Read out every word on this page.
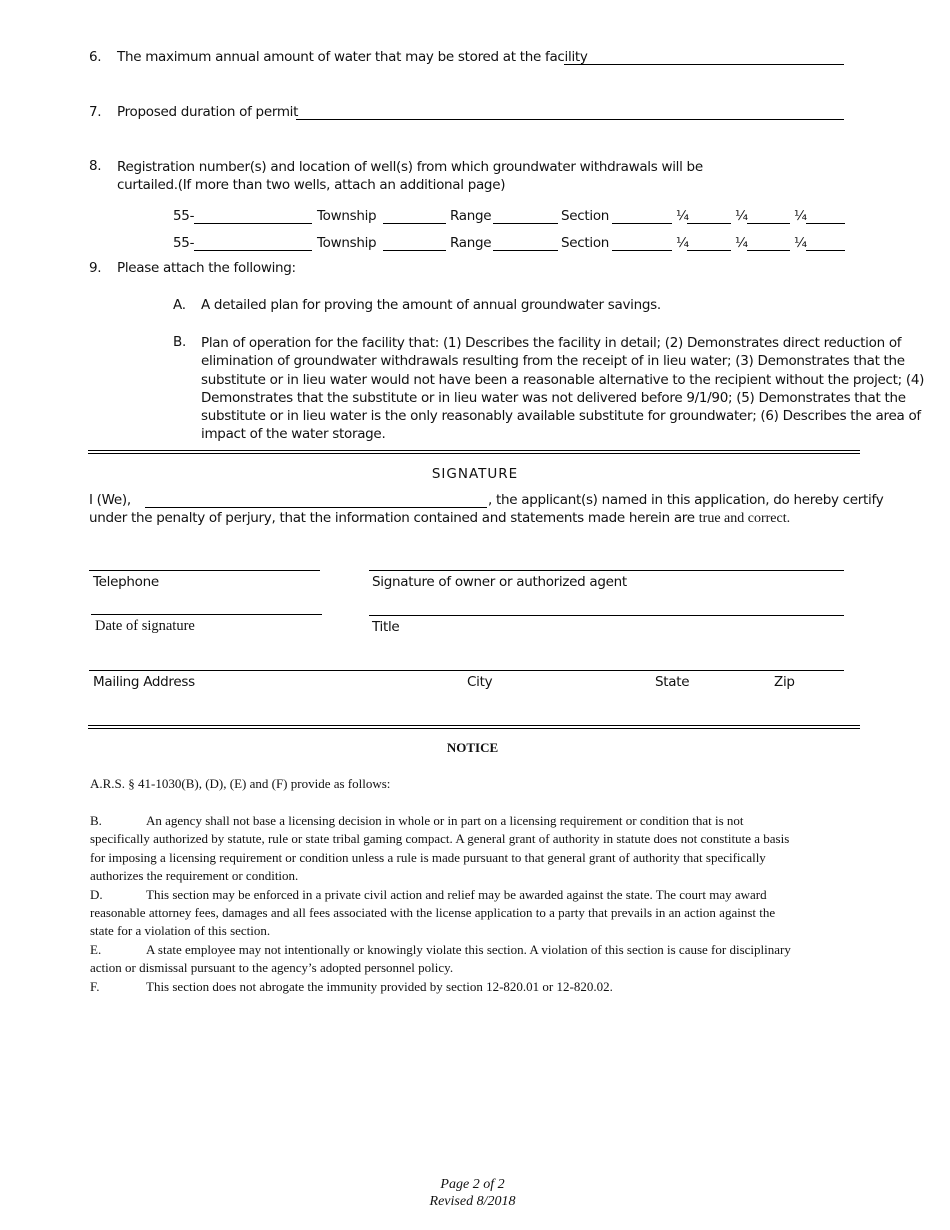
6. The maximum annual amount of water that may be stored at the facility
7. Proposed duration of permit
8. Registration number(s) and location of well(s) from which groundwater withdrawals will be
curtailed.(If more than two wells, attach an additional page)
55-	Township	Range	Section	¼	¼	¼
55-	Township	Range	Section	¼	¼	¼
9. Please attach the following:
A. A detailed plan for proving the amount of annual groundwater savings.
B. Plan of operation for the facility that: (1) Describes the facility in detail; (2) Demonstrates direct reduction of
elimination of groundwater withdrawals resulting from the receipt of in lieu water; (3) Demonstrates that the
substitute or in lieu water would not have been a reasonable alternative to the recipient without the project; (4)
Demonstrates that the substitute or in lieu water was not delivered before 9/1/90; (5) Demonstrates that the
substitute or in lieu water is the only reasonably available substitute for groundwater; (6) Describes the area of
impact of the water storage.
SIGNATURE
I (We),	, the applicant(s) named in this application, do hereby certify
under the penalty of perjury, that the information contained and statements made herein are true and correct.
Telephone	Signature of owner or authorized agent
Date of signature	Title
Mailing Address	City	State	Zip
NOTICE
A.R.S. § 41-1030(B), (D), (E) and (F) provide as follows:
B.	An agency shall not base a licensing decision in whole or in part on a licensing requirement or condition that is not
specifically authorized by statute, rule or state tribal gaming compact. A general grant of authority in statute does not constitute a basis
for imposing a licensing requirement or condition unless a rule is made pursuant to that general grant of authority that specifically
authorizes the requirement or condition.
D.	This section may be enforced in a private civil action and relief may be awarded against the state. The court may award
reasonable attorney fees, damages and all fees associated with the license application to a party that prevails in an action against the
state for a violation of this section.
E.	A state employee may not intentionally or knowingly violate this section. A violation of this section is cause for disciplinary
action or dismissal pursuant to the agency’s adopted personnel policy.
F.	This section does not abrogate the immunity provided by section 12-820.01 or 12-820.02.
Page 2 of 2
Revised 8/2018
